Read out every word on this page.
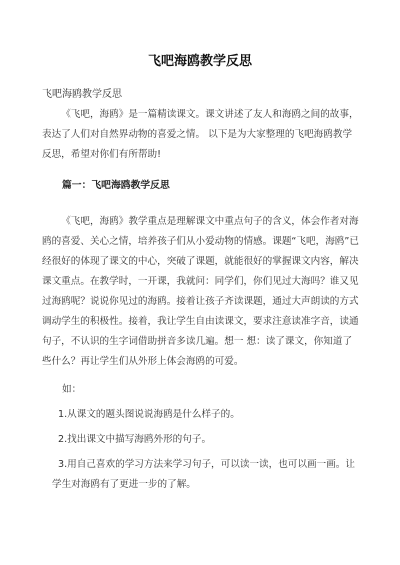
飞吧海鸥教学反思
飞吧海鸥教学反思

《飞吧，海鸥》是一篇精读课文。课文讲述了友人和海鸥之间的故事，表达了人们对自然界动物的喜爱之情。 以下是为大家整理的飞吧海鸥教学反思，希望对你们有所帮助!

篇一：飞吧海鸥教学反思

《飞吧，海鸥》教学重点是理解课文中重点句子的含义，体会作者对海鸥的喜爱、关心之情，培养孩子们从小爱动物的情感。课题“飞吧，海鸥”已经很好的体现了课文的中心，突破了课题，就能很好的掌握课文内容，解决课文重点。在教学时，一开课，我就问：同学们，你们见过大海吗？谁又见过海鸥呢？说说你见过的海鸥。接着让孩子齐读课题，通过大声朗读的方式调动学生的积极性。接着，我让学生自由读课文，要求注意读准字音，读通句子，不认识的生字词借助拼音多读几遍。想一 想：读了课文，你知道了些什么？再让学生们从外形上体会海鸥的可爱。

如：

1.从课文的题头图说说海鸥是什么样子的。

2.找出课文中描写海鸥外形的句子。

3.用自己喜欢的学习方法来学习句子，可以读一读，也可以画一画。让学生对海鸥有了更进一步的了解。
